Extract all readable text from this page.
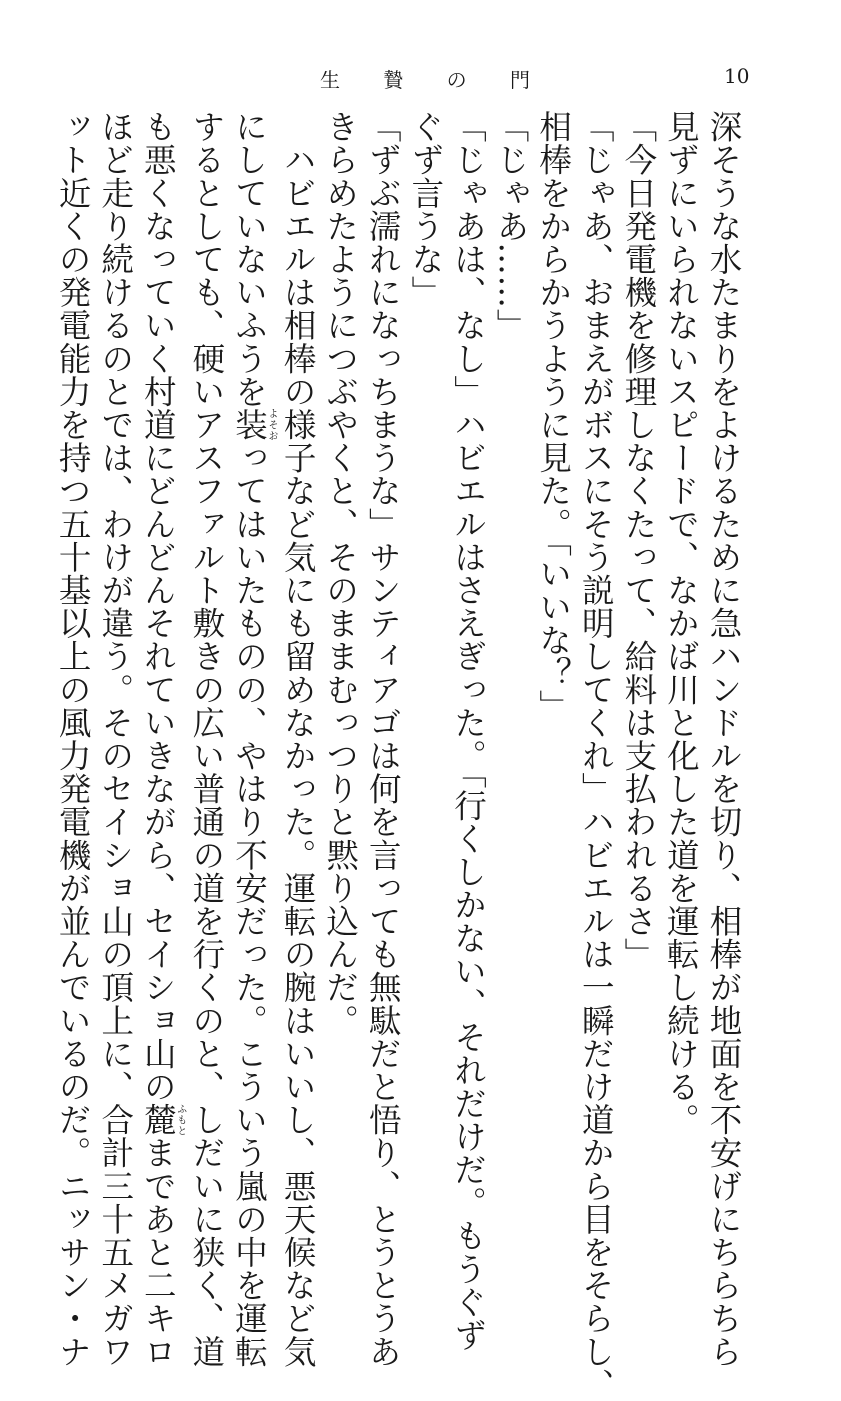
生 贄 の 門	10
深そうな水たまりをよけるために急ハンドルを切り、相棒が地面を不安げにちらちら
見ずにいられないスピードで、なかば川と化した道を運転し続ける。
「今日発電機を修理しなくたって、給料は支払われるさ」
「じゃあ、おまえがボスにそう説明してくれ」ハビエルは一瞬だけ道から目をそらし、
相棒をからかうように見た。「いいな？」
「じゃあ……」
「じゃあは、なし」ハビエルはさえぎった。「行くしかない、それだけだ。もうぐず
ぐず言うな」
「ずぶ濡れになっちまうな」サンティアゴは何を言っても無駄だと悟り、とうとうあ
きらめたようにつぶやくと、そのままむっつりと黙り込んだ。
　ハビエルは相棒の様子など気にも留めなかった。運転の腕はいいし、悪天候など気
にしていないふうを装よそおってはいたものの、やはり不安だった。こういう嵐の中を運転
するとしても、硬いアスファルト敷きの広い普通の道を行くのと、しだいに狭く、道
も悪くなっていく村道にどんどんそれていきながら、セイショ山の麓ふもとまであと二キロ
ほど走り続けるのとでは、わけが違う。そのセイショ山の頂上に、合計三十五メガワ
ット近くの発電能力を持つ五十基以上の風力発電機が並んでいるのだ。ニッサン・ナ
